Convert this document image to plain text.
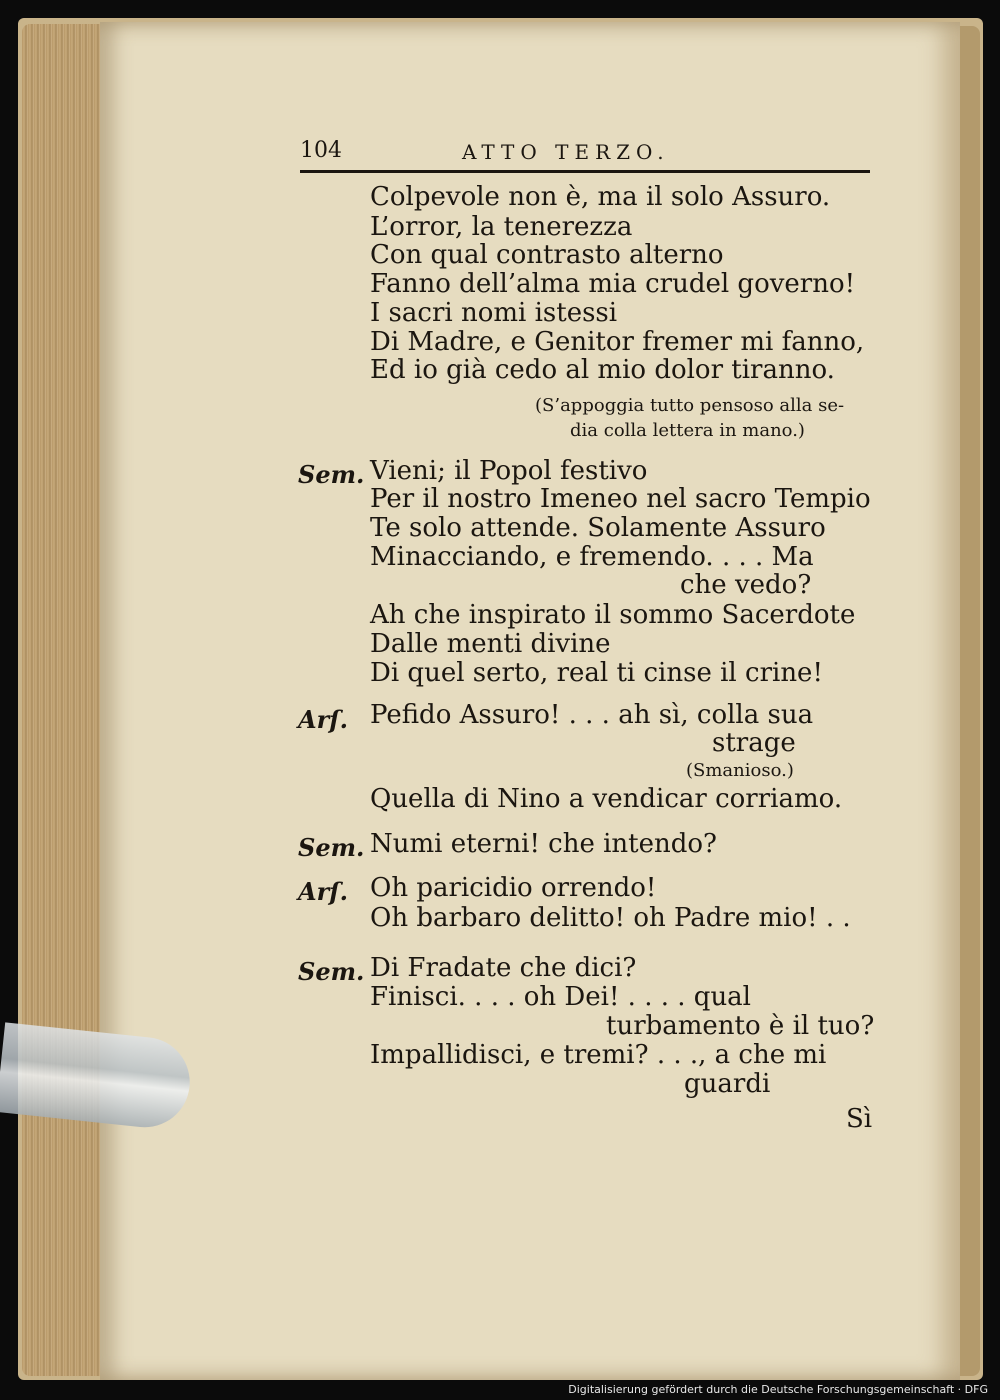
104	ATTO TERZO.
Colpevole non è, ma il solo Assuro.
L’orror, la tenerezza
Con qual contrasto alterno
Fanno dell’alma mia crudel governo!
I sacri nomi istessi
Di Madre, e Genitor fremer mi fanno,
Ed io già cedo al mio dolor tiranno.
Vieni; il Popol festivo
Per il nostro Imeneo nel sacro Tempio
Te solo attende. Solamente Assuro
Minacciando, e fremendo. . . . Ma
che vedo?
Ah che inspirato il sommo Sacerdote
Dalle menti divine
Di quel serto, real ti cinse il crine!
Pefido Assuro! . . . ah sì, colla sua
strage
Quella di Nino a vendicar corriamo.
Numi eterni! che intendo?
Oh paricidio orrendo!
Oh barbaro delitto! oh Padre mio! . .
Di Fradate che dici?
Finisci. . . . oh Dei! . . . . qual
turbamento è il tuo?
Impallidisci, e tremi? . . ., a che mi
guardi
Sì
(S’appoggia tutto pensoso alla se-
dia colla lettera in mano.)
(Smanioso.)
Sem.
Arſ.
Sem.
Arſ.
Sem.
Digitalisierung gefördert durch die Deutsche Forschungsgemeinschaft · DFG
